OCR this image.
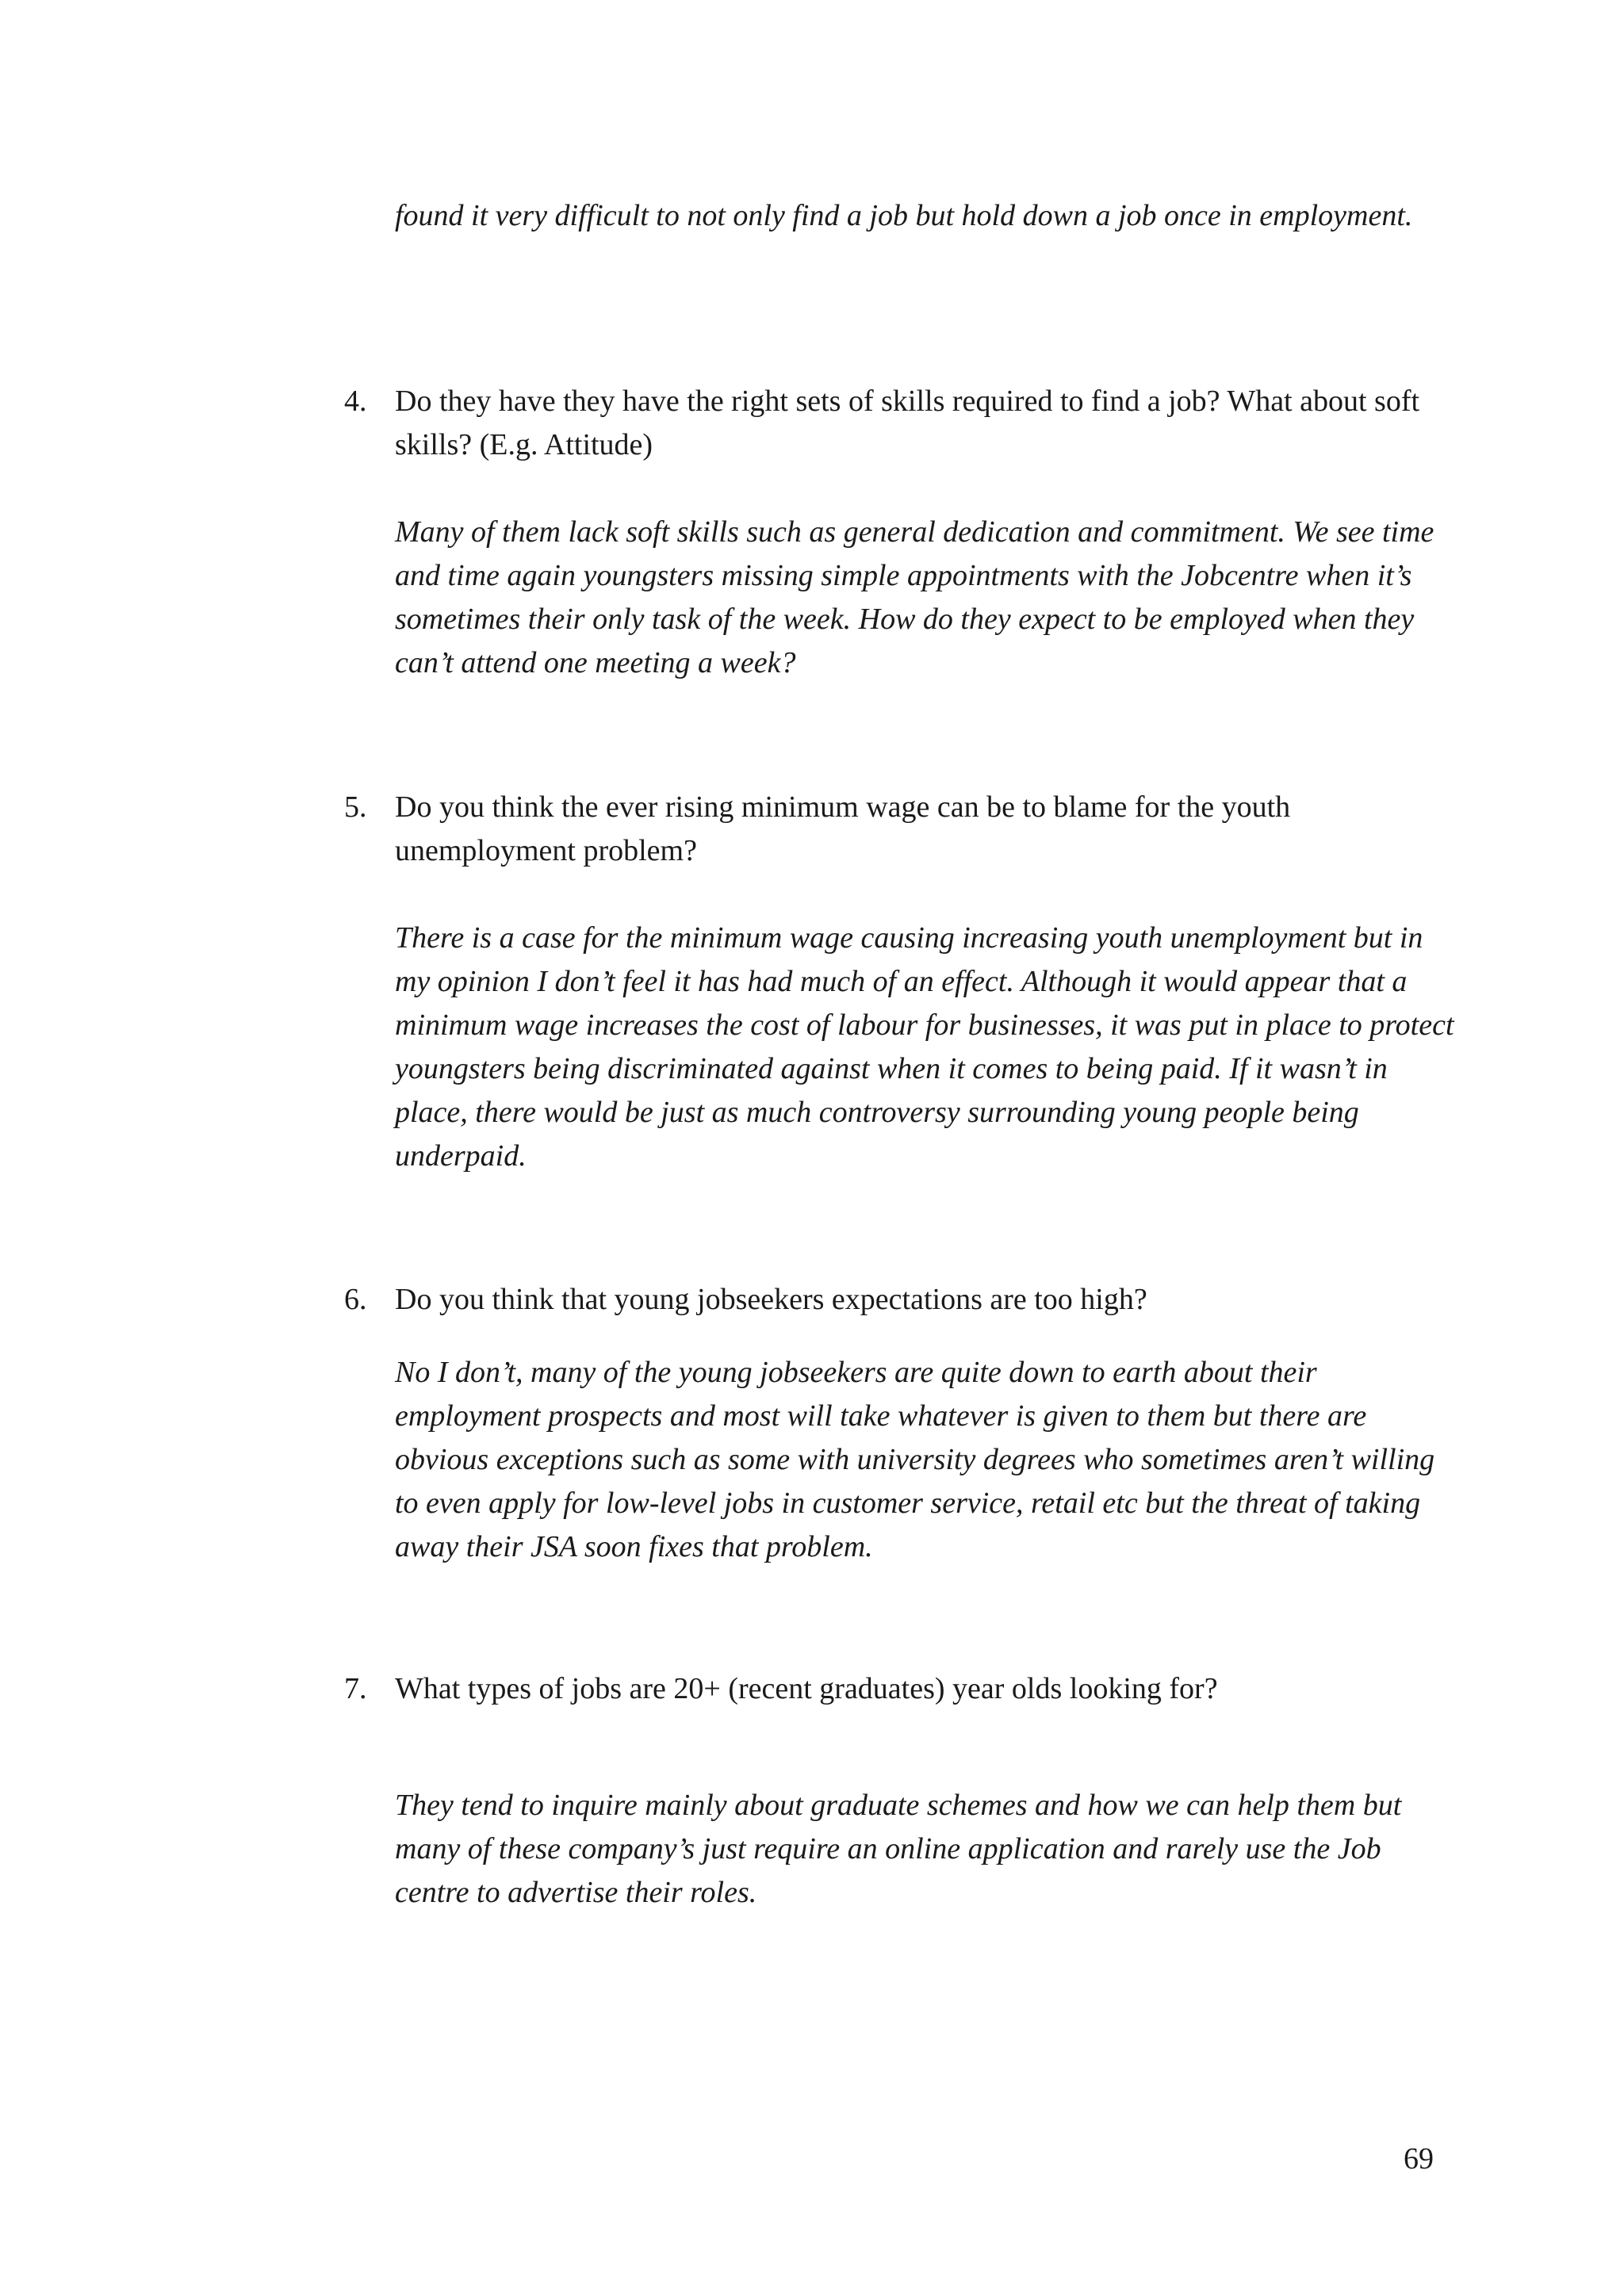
found it very difficult to not only find a job but hold down a job once in employment.

4. Do they have they have the right sets of skills required to find a job? What about soft skills? (E.g. Attitude)

Many of them lack soft skills such as general dedication and commitment. We see time and time again youngsters missing simple appointments with the Jobcentre when it’s sometimes their only task of the week. How do they expect to be employed when they can’t attend one meeting a week?

5. Do you think the ever rising minimum wage can be to blame for the youth unemployment problem?

There is a case for the minimum wage causing increasing youth unemployment but in my opinion I don’t feel it has had much of an effect. Although it would appear that a minimum wage increases the cost of labour for businesses, it was put in place to protect youngsters being discriminated against when it comes to being paid. If it wasn’t in place, there would be just as much controversy surrounding young people being underpaid.

6. Do you think that young jobseekers expectations are too high?

No I don’t, many of the young jobseekers are quite down to earth about their employment prospects and most will take whatever is given to them but there are obvious exceptions such as some with university degrees who sometimes aren’t willing to even apply for low-level jobs in customer service, retail etc but the threat of taking away their JSA soon fixes that problem.

7. What types of jobs are 20+ (recent graduates) year olds looking for?

They tend to inquire mainly about graduate schemes and how we can help them but many of these company’s just require an online application and rarely use the Job centre to advertise their roles.

69
